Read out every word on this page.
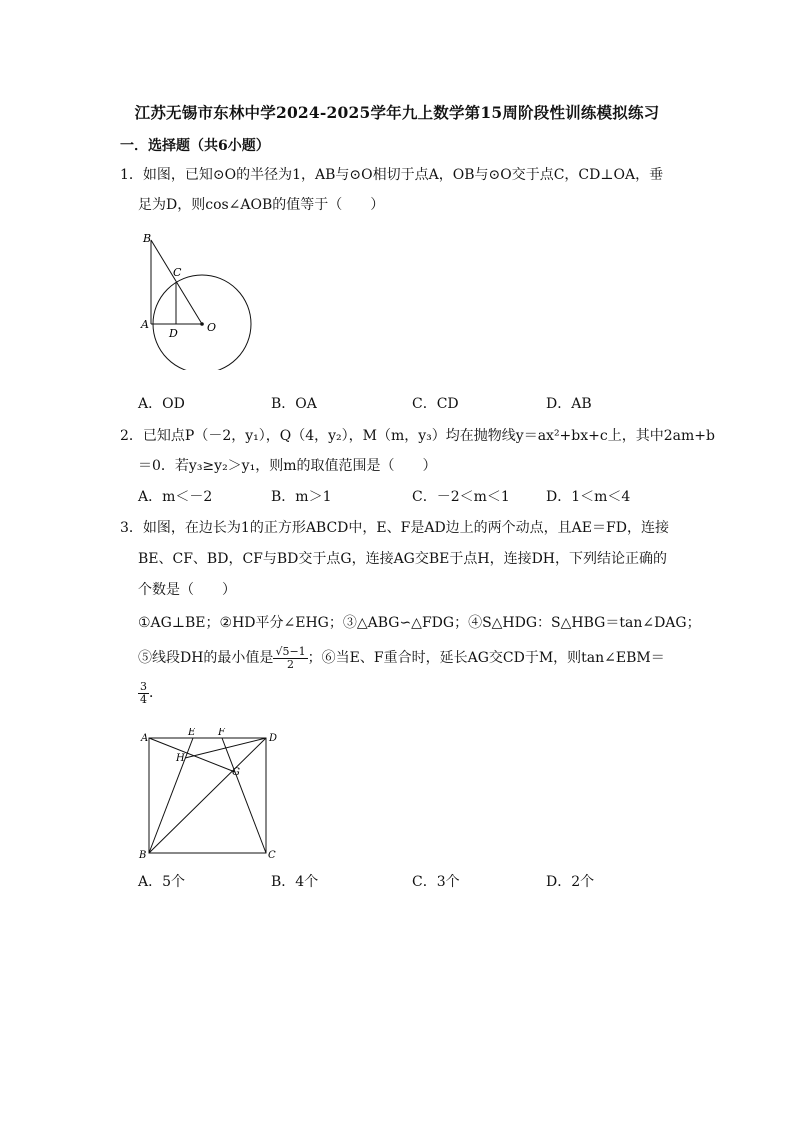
江苏无锡市东林中学2024-2025学年九上数学第15周阶段性训练模拟练习
一．选择题（共6小题）
1．如图，已知⊙O的半径为1，AB与⊙O相切于点A，OB与⊙O交于点C，CD⊥OA，垂
足为D，则cos∠AOB的值等于（　　）
B
C
A
D	O
A．OD	B．OA	C．CD	D．AB
2．已知点P（－2，y₁），Q（4，y₂），M（m，y₃）均在抛物线y＝ax²+bx+c上，其中2am+b
＝0．若y₃≥y₂＞y₁，则m的取值范围是（　　）
A．m＜－2	B．m＞1	C．－2＜m＜1	D．1＜m＜4
3．如图，在边长为1的正方形ABCD中，E、F是AD边上的两个动点，且AE＝FD，连接
BE、CF、BD，CF与BD交于点G，连接AG交BE于点H，连接DH，下列结论正确的
个数是（　　）
①AG⊥BE；②HD平分∠EHG；③△ABG∽△FDG；④S△HDG：S△HBG＝tan∠DAG；
⑤线段DH的最小值是 $\frac{√5-1}{2}$ ；⑥当E、F重合时，延长AG交CD于M，则tan∠EBM＝
$\frac{3}{4}$ ．
A
E F
D
H
G
B	C
A．5个	B．4个	C．3个	D．2个
